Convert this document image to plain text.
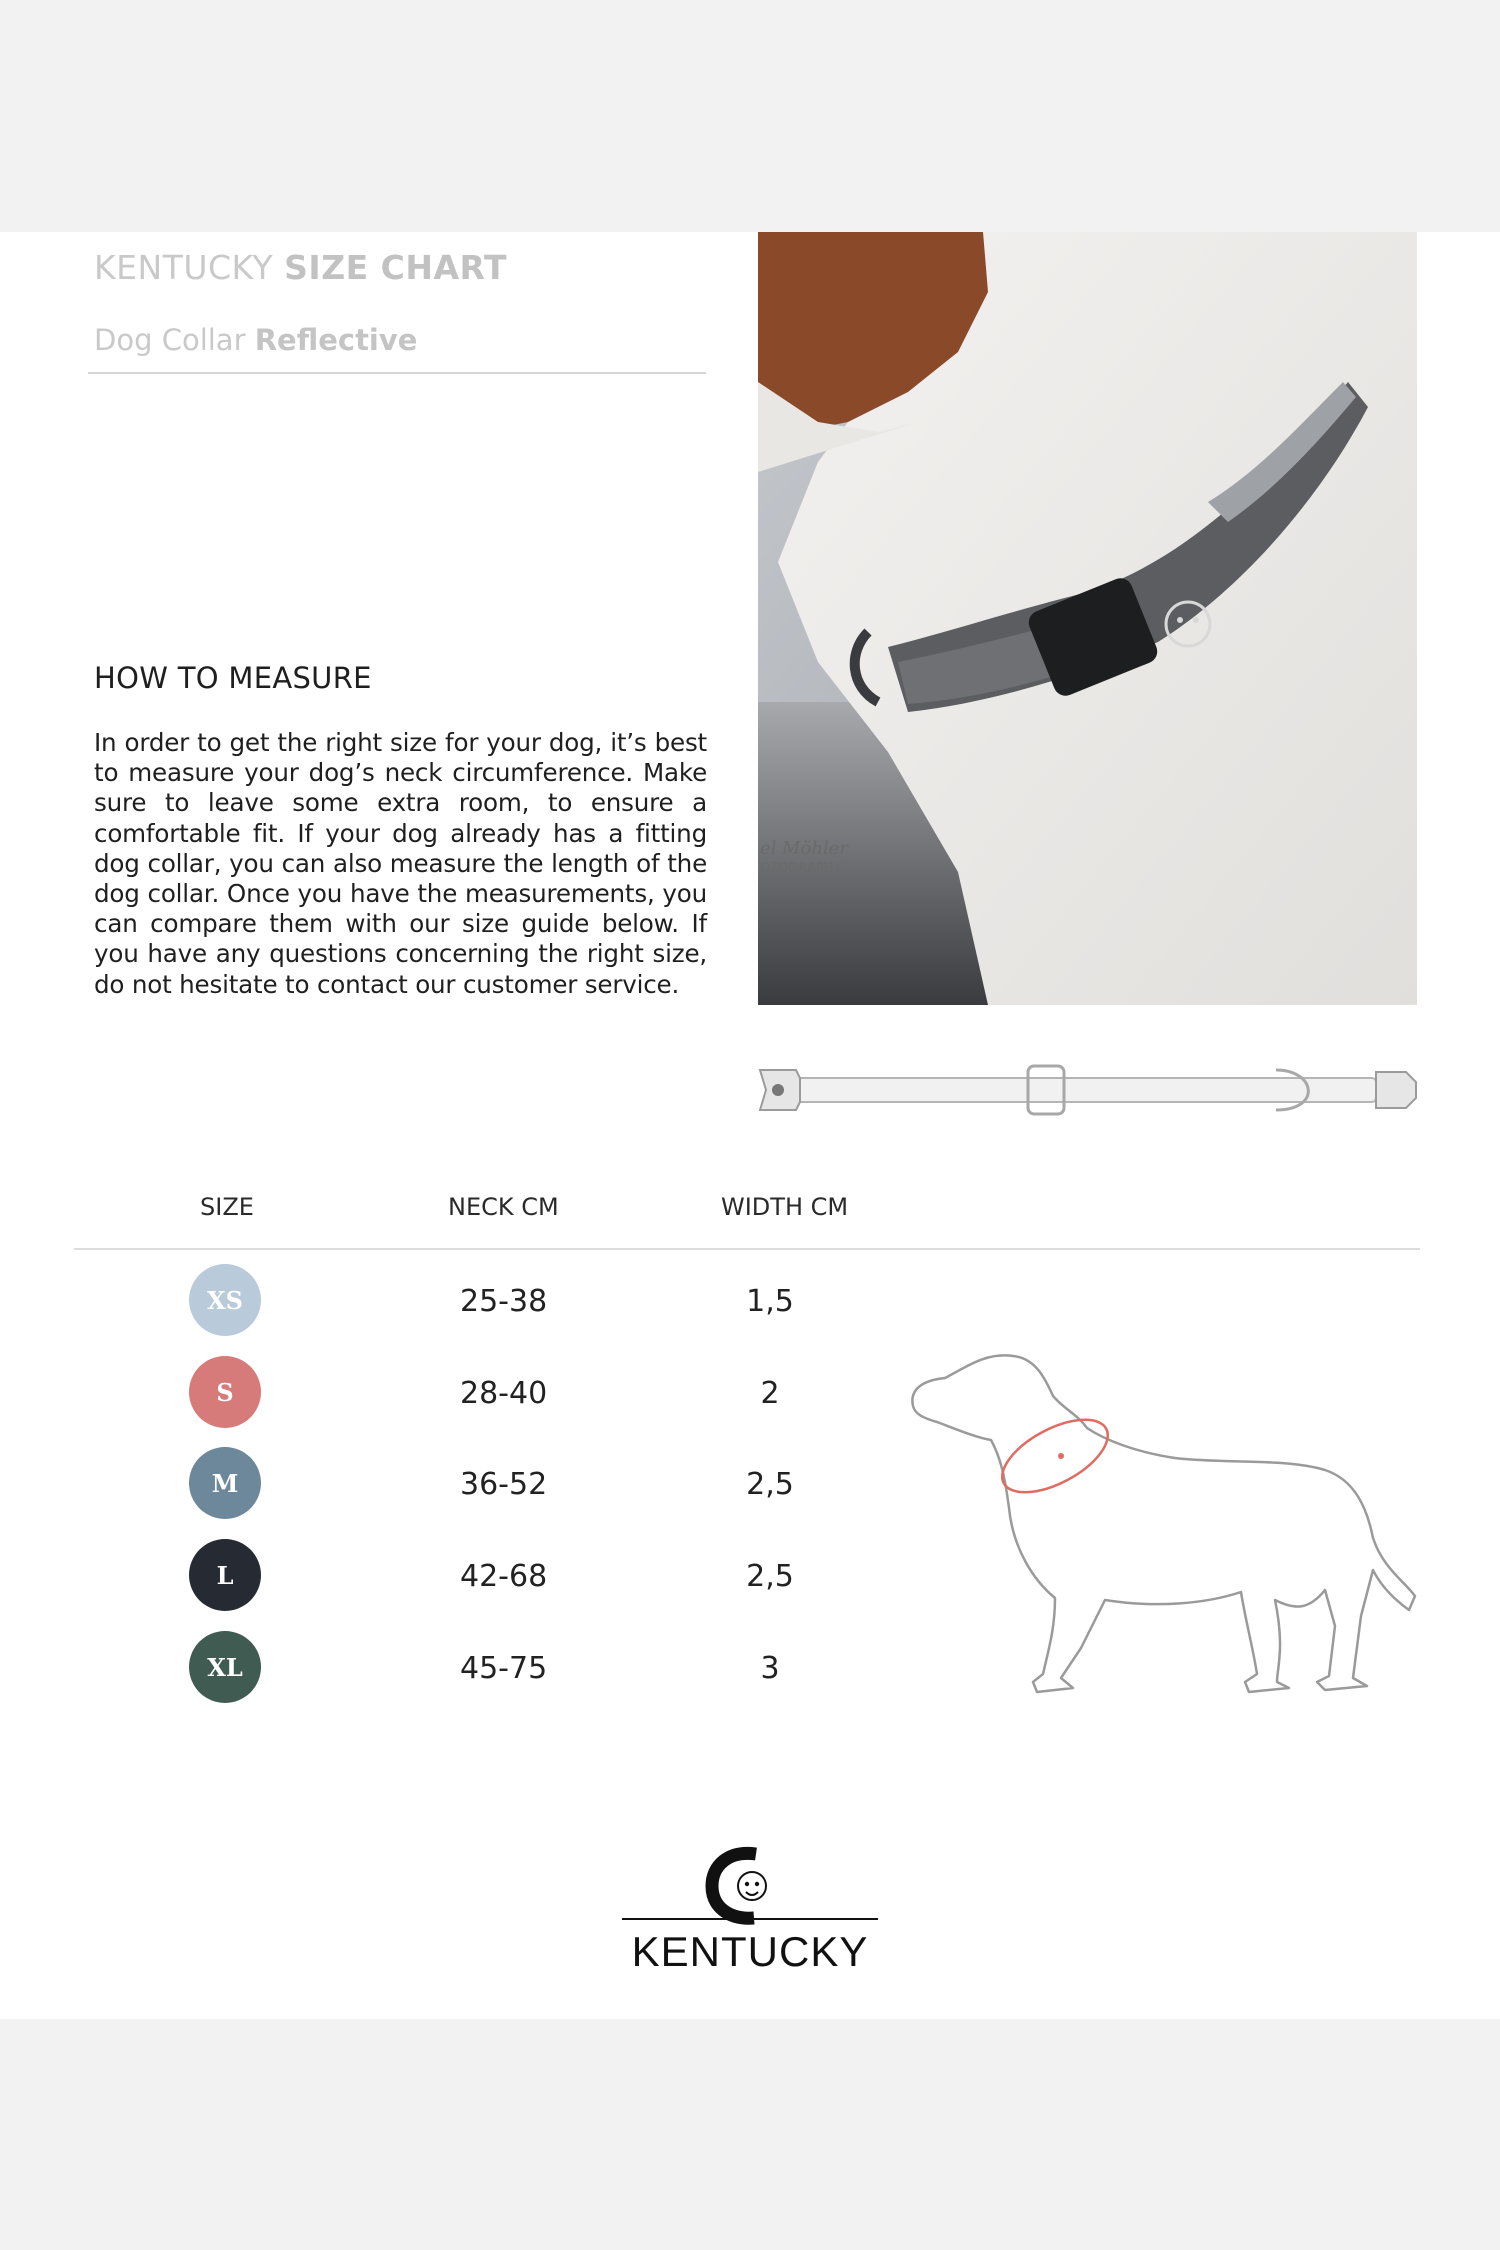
KENTUCKY SIZE CHART
Dog Collar Reflective
HOW TO MEASURE
In order to get the right size for your dog, it’s best to measure your dog’s neck circumference. Make sure to leave some extra room, to ensure a comfortable fit. If your dog already has a fitting dog collar, you can also measure the length of the dog collar. Once you have the measurements, you can compare them with our size guide below. If you have any questions concerning the right size, do not hesitate to contact our customer service.
el Möhler
OTOGRAPHY
SIZE	NECK CM	WIDTH CM
XS	25-38	1,5
S	28-40	2
M	36-52	2,5
L	42-68	2,5
XL	45-75	3
KENTUCKY
